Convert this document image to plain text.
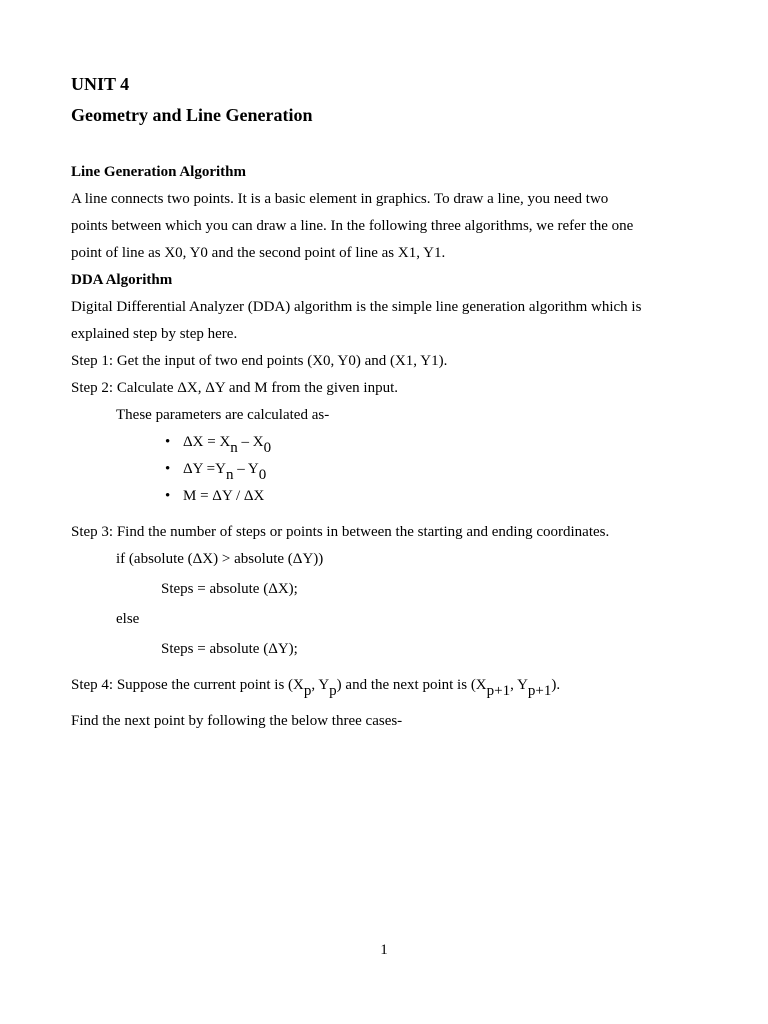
UNIT 4
Geometry and Line Generation

Line Generation Algorithm

A line connects two points. It is a basic element in graphics. To draw a line, you need two

points between which you can draw a line. In the following three algorithms, we refer the one

point of line as X0, Y0 and the second point of line as X1, Y1.

DDA Algorithm

Digital Differential Analyzer (DDA) algorithm is the simple line generation algorithm which is

explained step by step here.

Step 1: Get the input of two end points (X0, Y0) and (X1, Y1).

Step 2: Calculate ΔX, ΔY and M from the given input.

These parameters are calculated as-

• $\Delta X = X_n - X_0$
• $\Delta Y =Y_n - Y_0$
• M = ΔY / ΔX

Step 3: Find the number of steps or points in between the starting and ending coordinates.

if (absolute (ΔX) > absolute (ΔY))

Steps = absolute (ΔX);

else

Steps = absolute (ΔY);

Step 4: Suppose the current point is ($X_p$, $Y_p$) and the next point is ($X_{p+1}$, $Y_{p+1}$).

Find the next point by following the below three cases-

1
